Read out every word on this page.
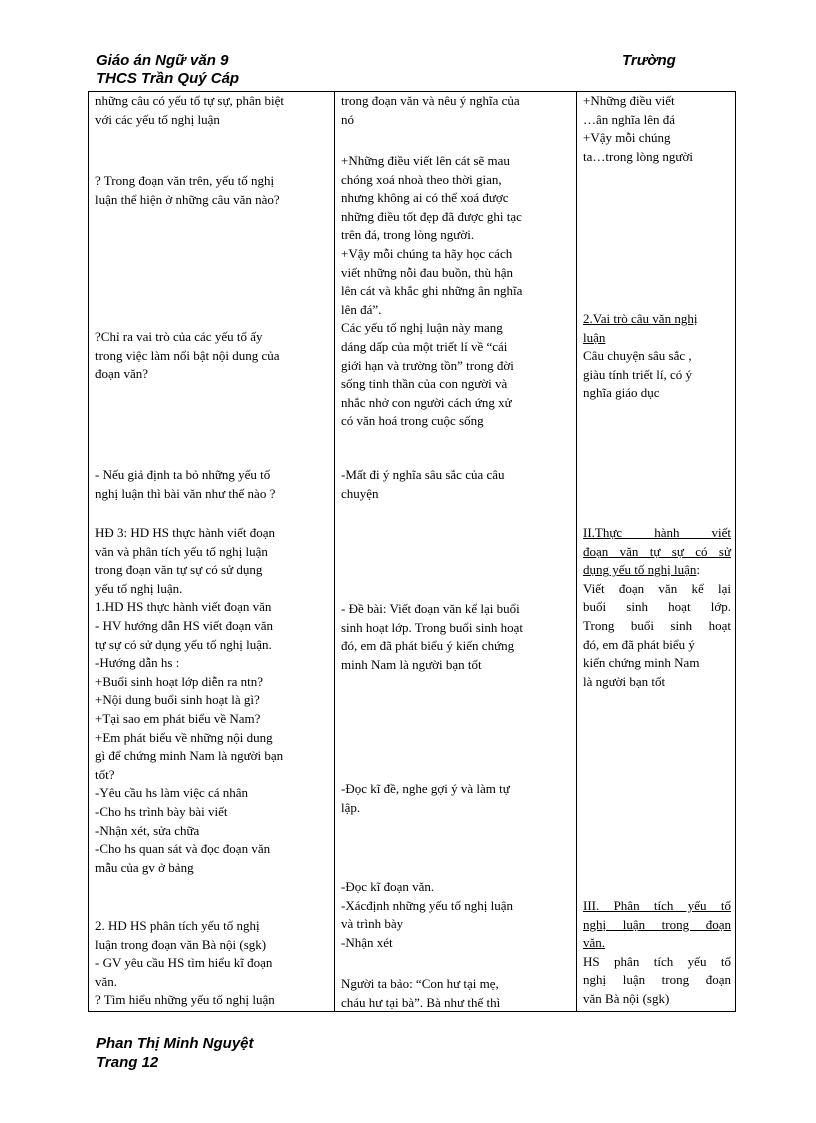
Giáo án Ngữ văn 9
THCS Trần Quý Cáp
Trường
những câu có yếu tố tự sự, phân biệt
với các yếu tố nghị luận
? Trong đoạn văn trên, yếu tố nghị
luận thể hiện ở những câu văn nào?
?Chỉ ra vai trò của các yếu tố ấy
trong việc làm nổi bật nội dung của
đoạn văn?
- Nếu giả định ta bỏ những yếu tố
nghị luận thì bài văn như thế nào ?
HĐ 3: HD HS thực hành viết đoạn
văn và phân tích yếu tố nghị luận
trong đoạn văn tự sự có sử dụng
yếu tố nghị luận.
1.HD HS thực hành viết đoạn văn
- HV hướng dẫn HS viết đoạn văn
tự sự có sử dụng yếu tố nghị luận.
-Hướng dẫn hs :
+Buổi sinh hoạt lớp diễn ra ntn?
+Nội dung buổi sinh hoạt là gì?
+Tại sao em phát biểu về Nam?
+Em phát biểu về những nội dung
gì để chứng minh Nam là người bạn
tốt?
-Yêu cầu hs làm việc cá nhân
-Cho hs trình bày bài viết
-Nhận xét, sửa chữa
-Cho hs quan sát và đọc đoạn văn
mẫu của gv ở bảng
2. HD HS phân tích yếu tố nghị
luận trong đoạn văn Bà nội (sgk)
- GV yêu cầu HS tìm hiểu kĩ đoạn
văn.
? Tìm hiểu những yếu tố nghị luận
trong đoạn văn và nêu ý nghĩa của
nó
+Những điều viết lên cát sẽ mau
chóng xoá nhoà theo thời gian,
nhưng không ai có thể xoá được
những điều tốt đẹp đã được ghi tạc
trên đá, trong lòng người.
+Vậy mỗi chúng ta hãy học cách
viết những nỗi đau buồn, thù hận
lên cát và khắc ghi những ân nghĩa
lên đá”.
Các yếu tố nghị luận này mang
dáng dấp của một triết lí về “cái
giới hạn và trường tồn” trong đời
sống tinh thần của con người và
nhắc nhở con người cách ứng xử
có văn hoá trong cuộc sống
-Mất đi ý nghĩa sâu sắc của câu
chuyện
- Đề bài: Viết đoạn văn kể lại buổi
sinh hoạt lớp. Trong buổi sinh hoạt
đó, em đã phát biểu ý kiến chứng
minh Nam là người bạn tốt
-Đọc kĩ đề, nghe gợi ý và làm tự
lập.
-Đọc kĩ đoạn văn.
-Xácđịnh những yếu tố nghị luận
và trình bày
-Nhận xét
Người ta bảo: “Con hư tại mẹ,
cháu hư tại bà”. Bà như thế thì
+Những điều viết
…ân nghĩa lên đá
+Vậy mỗi chúng
ta…trong lòng người
2.Vai trò câu văn nghị
luận
Câu chuyện sâu sắc ,
giàu tính triết lí, có ý
nghĩa giáo dục
II.Thực hành viết
đoạn văn tự sự có sử
dụng yếu tố nghị luận:
Viết đoạn văn kể lại
buổi sinh hoạt lớp.
Trong buổi sinh hoạt
đó, em đã phát biểu ý
kiến chứng minh Nam
là người bạn tốt
III. Phân tích yếu tố
nghị luận trong đoạn
văn.
HS phân tích yếu tố
nghị luận trong đoạn
văn Bà nội (sgk)
Phan Thị Minh Nguyệt
Trang 12
